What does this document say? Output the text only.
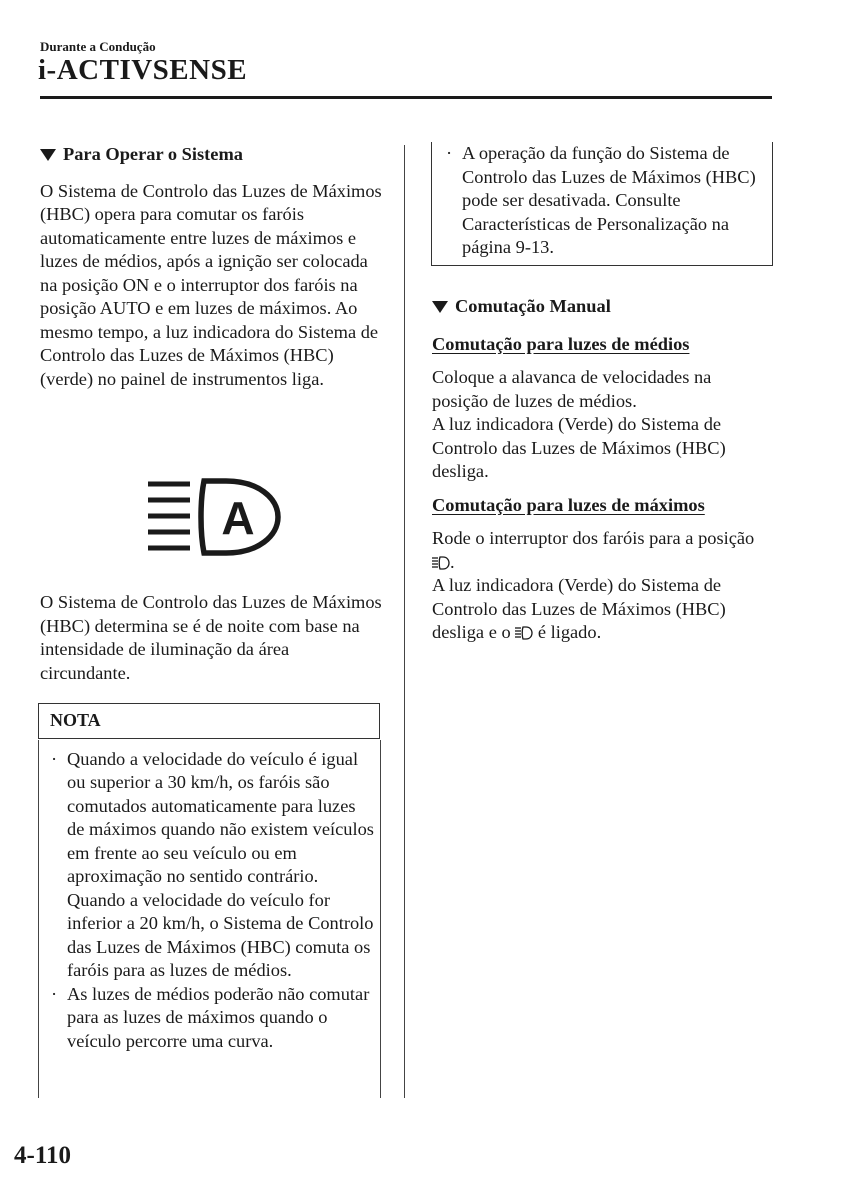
Durante a Condução
i-ACTIVSENSE
Para Operar o Sistema

O Sistema de Controlo das Luzes de Máximos (HBC) opera para comutar os faróis automaticamente entre luzes de máximos e luzes de médios, após a ignição ser colocada na posição ON e o interruptor dos faróis na posição AUTO e em luzes de máximos. Ao mesmo tempo, a luz indicadora do Sistema de Controlo das Luzes de Máximos (HBC) (verde) no painel de instrumentos liga.

A

O Sistema de Controlo das Luzes de Máximos (HBC) determina se é de noite com base na intensidade de iluminação da área circundante.

NOTA
· Quando a velocidade do veículo é igual ou superior a 30 km/h, os faróis são comutados automaticamente para luzes de máximos quando não existem veículos em frente ao seu veículo ou em aproximação no sentido contrário.
Quando a velocidade do veículo for inferior a 20 km/h, o Sistema de Controlo das Luzes de Máximos (HBC) comuta os faróis para as luzes de médios.
· As luzes de médios poderão não comutar para as luzes de máximos quando o veículo percorre uma curva.
· A operação da função do Sistema de Controlo das Luzes de Máximos (HBC) pode ser desativada. Consulte Características de Personalização na página 9-13.
Comutação Manual

Comutação para luzes de médios

Coloque a alavanca de velocidades na posição de luzes de médios.

A luz indicadora (Verde) do Sistema de Controlo das Luzes de Máximos (HBC) desliga.

Comutação para luzes de máximos

Rode o interruptor dos faróis para a posição .

A luz indicadora (Verde) do Sistema de Controlo das Luzes de Máximos (HBC) desliga e o  é ligado.

4-110
